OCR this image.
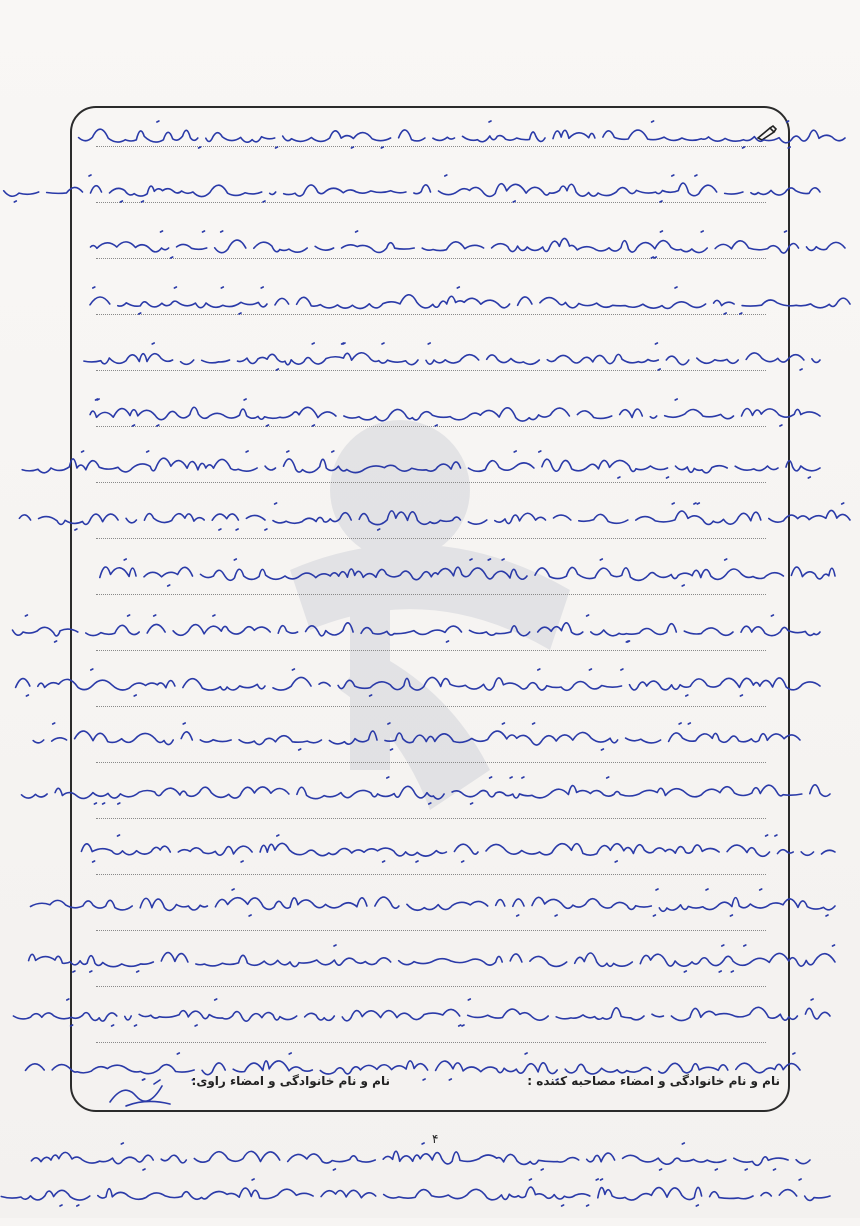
نام و نام خانوادگی و امضاء مصاحبه کننده :
نام و نام خانوادگی و امضاء راوی:
۴
